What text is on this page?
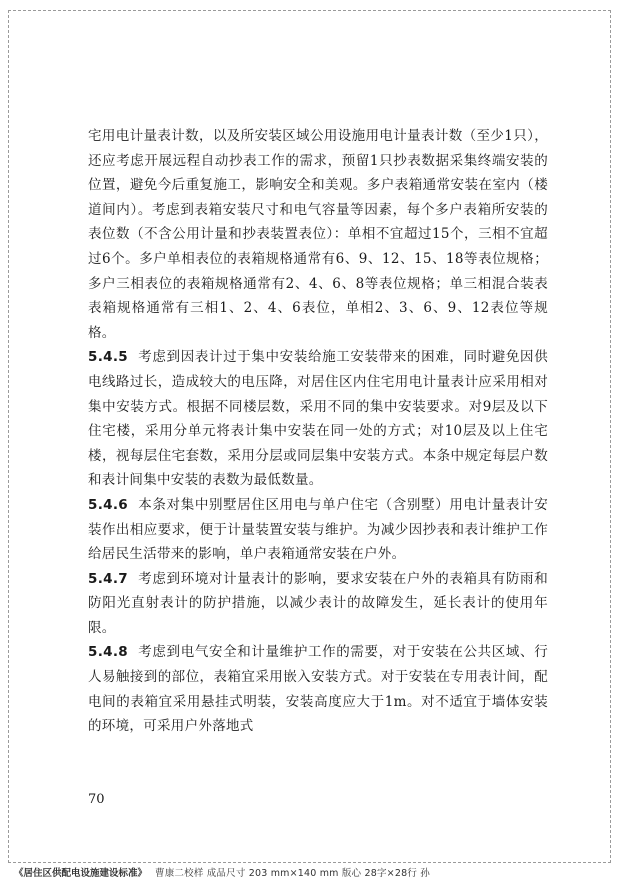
宅用电计量表计数，以及所安装区域公用设施用电计量表计数（至少1只），还应考虑开展远程自动抄表工作的需求，预留1只抄表数据采集终端安装的位置，避免今后重复施工，影响安全和美观。多户表箱通常安装在室内（楼道间内）。考虑到表箱安装尺寸和电气容量等因素，每个多户表箱所安装的表位数（不含公用计量和抄表装置表位）：单相不宜超过15个，三相不宜超过6个。多户单相表位的表箱规格通常有6、9、12、15、18等表位规格；多户三相表位的表箱规格通常有2、4、6、8等表位规格；单三相混合装表表箱规格通常有三相1、2、4、6表位，单相2、3、6、9、12表位等规格。

5.4.5 考虑到因表计过于集中安装给施工安装带来的困难，同时避免因供电线路过长，造成较大的电压降，对居住区内住宅用电计量表计应采用相对集中安装方式。根据不同楼层数，采用不同的集中安装要求。对9层及以下住宅楼，采用分单元将表计集中安装在同一处的方式；对10层及以上住宅楼，视每层住宅套数，采用分层或同层集中安装方式。本条中规定每层户数和表计间集中安装的表数为最低数量。

5.4.6 本条对集中别墅居住区用电与单户住宅（含别墅）用电计量表计安装作出相应要求，便于计量装置安装与维护。为减少因抄表和表计维护工作给居民生活带来的影响，单户表箱通常安装在户外。

5.4.7 考虑到环境对计量表计的影响，要求安装在户外的表箱具有防雨和防阳光直射表计的防护措施，以减少表计的故障发生，延长表计的使用年限。

5.4.8 考虑到电气安全和计量维护工作的需要，对于安装在公共区域、行人易触接到的部位，表箱宜采用嵌入安装方式。对于安装在专用表计间，配电间的表箱宜采用悬挂式明装，安装高度应大于1m。对不适宜于墙体安装的环境，可采用户外落地式

70
《居住区供配电设施建设标准》 曹康二校样 成品尺寸 203 mm×140 mm 版心 28字×28行 孙
